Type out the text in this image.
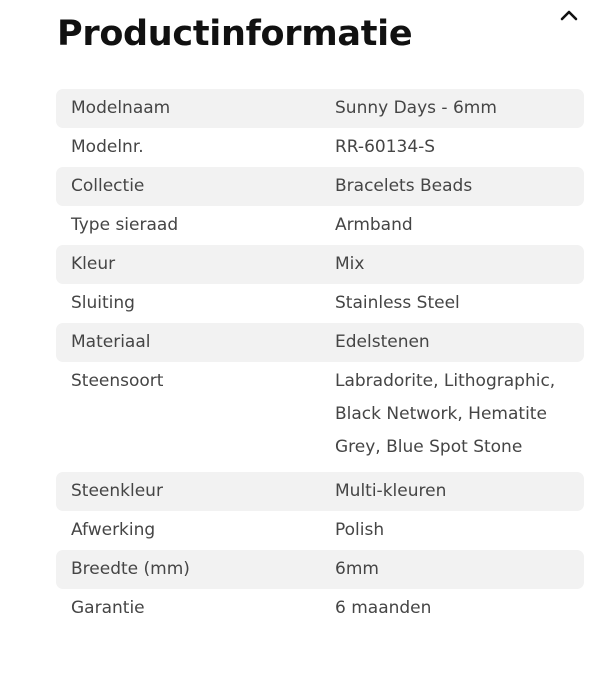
Productinformatie
Modelnaam	Sunny Days - 6mm
Modelnr.	RR-60134-S
Collectie	Bracelets Beads
Type sieraad	Armband
Kleur	Mix
Sluiting	Stainless Steel
Materiaal	Edelstenen
Steensoort	Labradorite, Lithographic, Black Network, Hematite Grey, Blue Spot Stone
Steenkleur	Multi-kleuren
Afwerking	Polish
Breedte (mm)	6mm
Garantie	6 maanden
